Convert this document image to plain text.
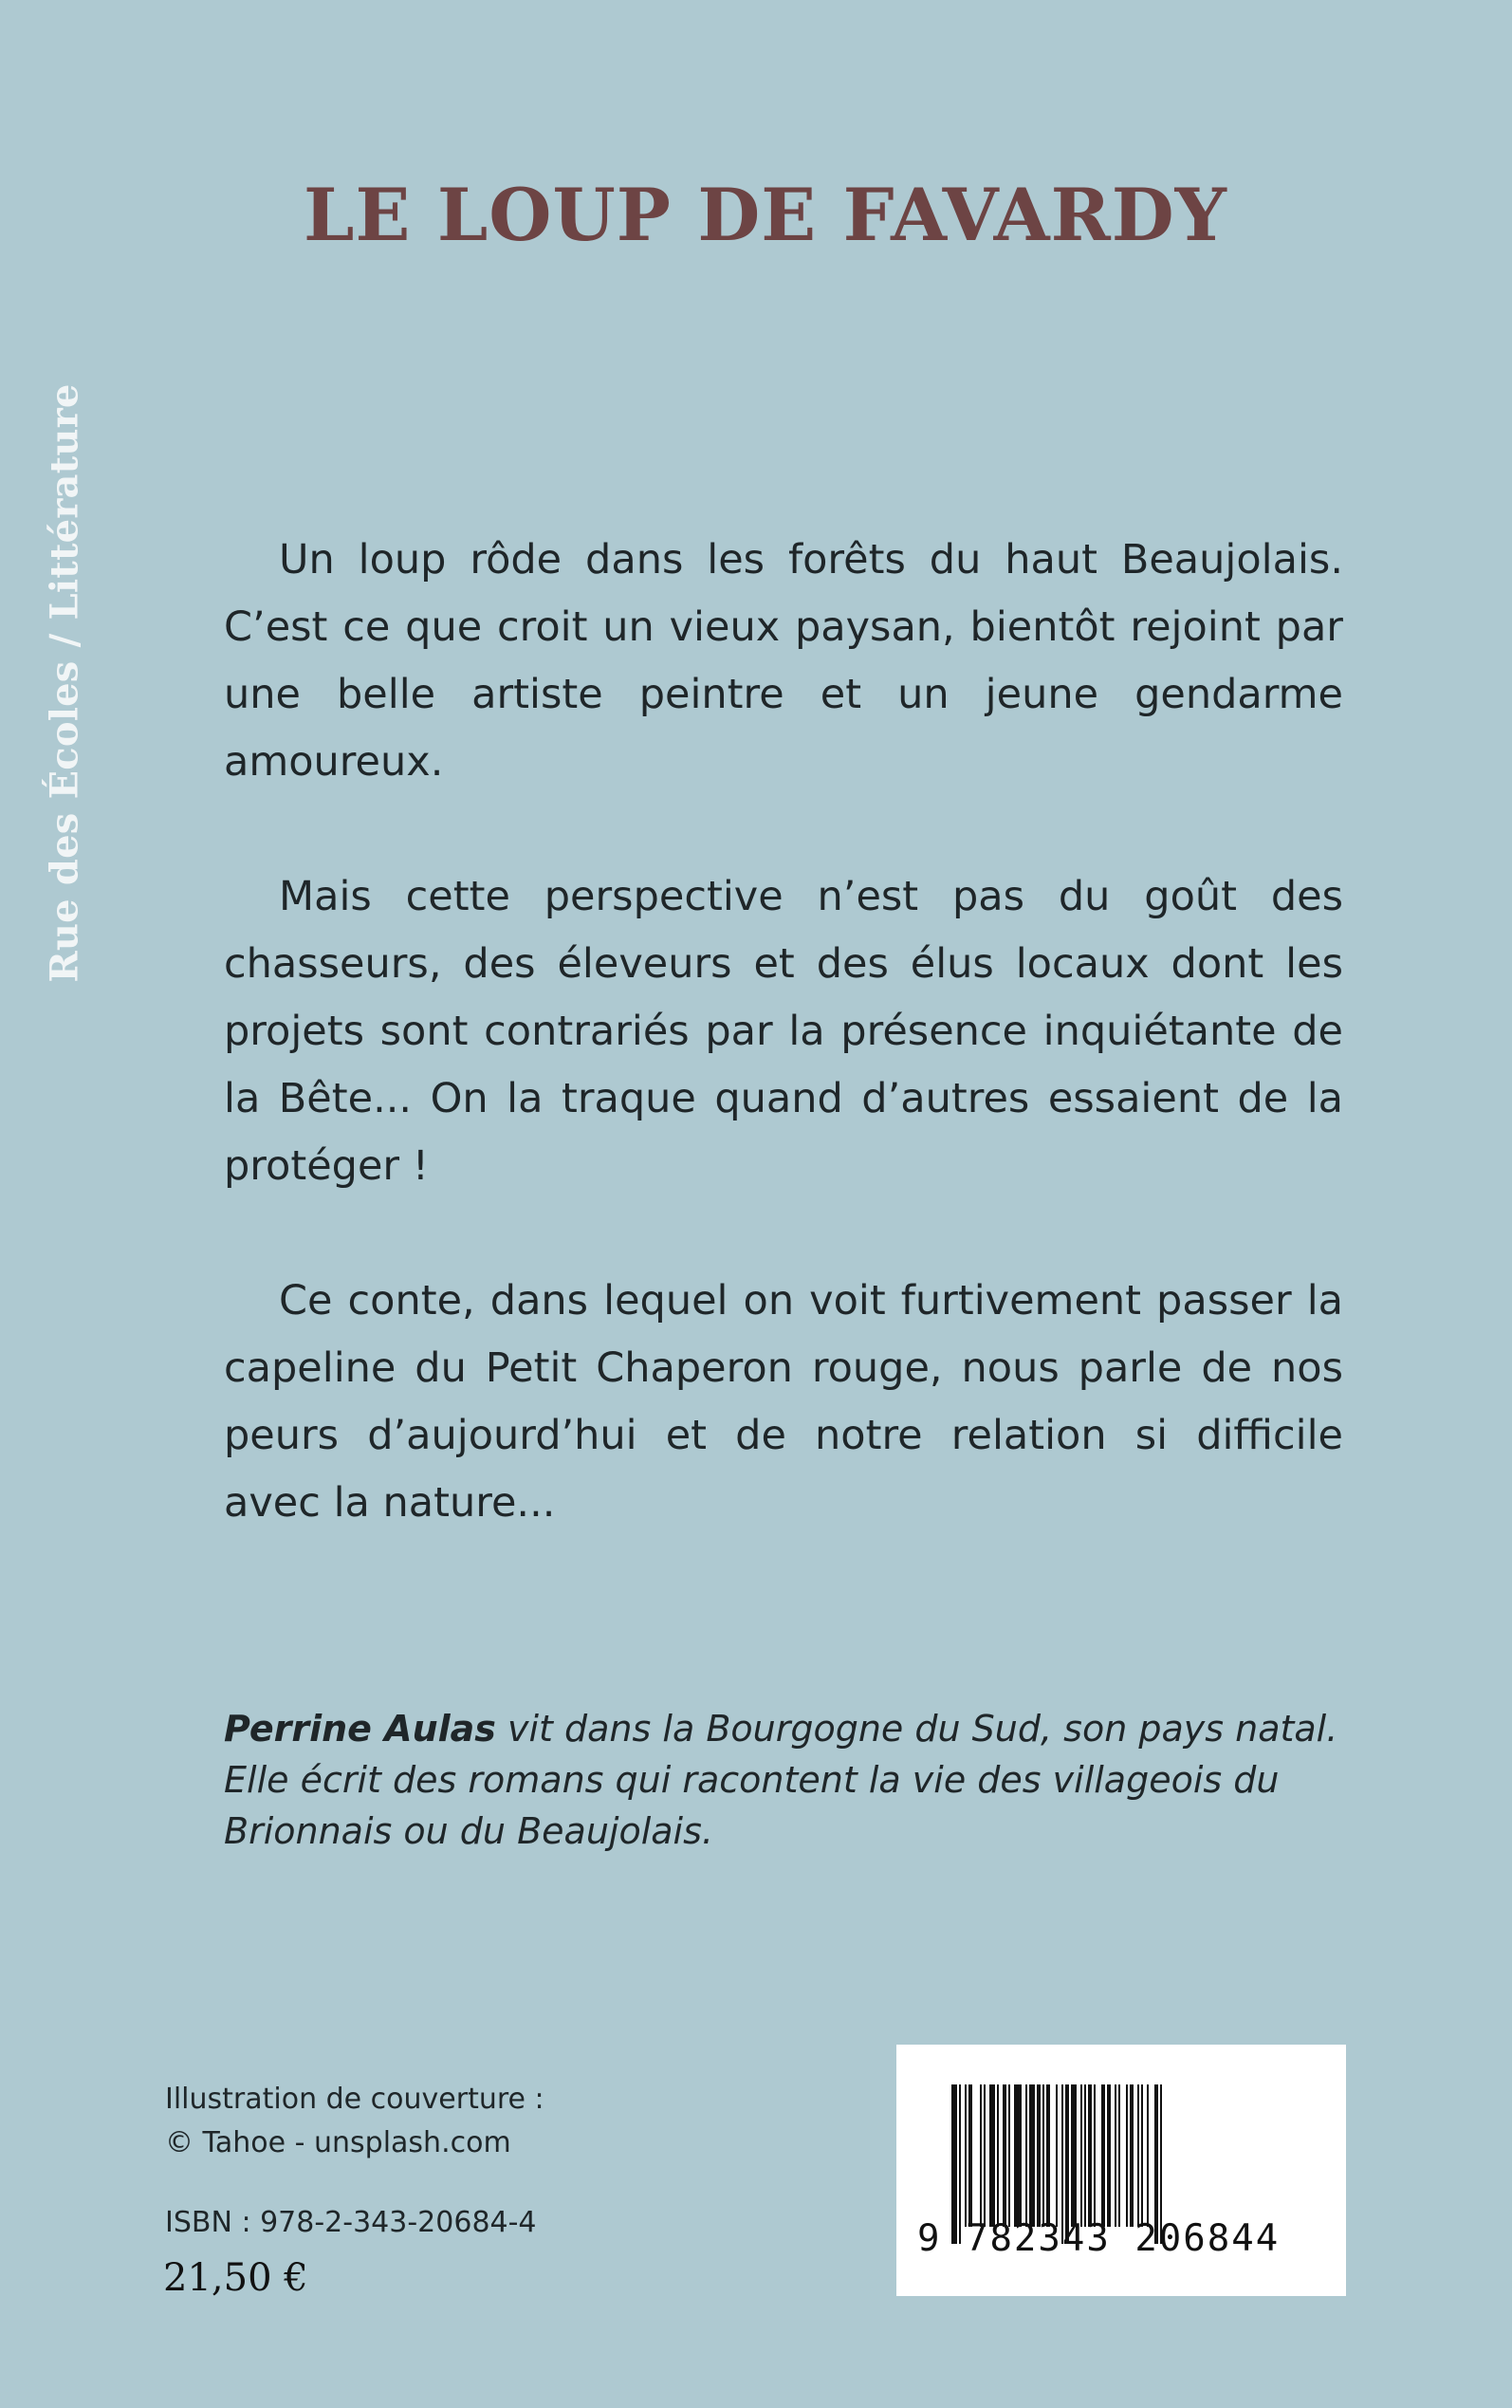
Rue des Écoles / Littérature
LE LOUP DE FAVARDY

Un loup rôde dans les forêts du haut Beaujolais. C’est ce que croit un vieux paysan, bientôt rejoint par une belle artiste peintre et un jeune gendarme amoureux.

Mais cette perspective n’est pas du goût des chasseurs, des éleveurs et des élus locaux dont les projets sont contrariés par la présence inquiétante de la Bête... On la traque quand d’autres essaient de la protéger !

Ce conte, dans lequel on voit furtivement passer la capeline du Petit Chaperon rouge, nous parle de nos peurs d’aujourd’hui et de notre relation si difficile avec la nature...

Perrine Aulas vit dans la Bourgogne du Sud, son pays natal. Elle écrit des romans qui racontent la vie des villageois du Brionnais ou du Beaujolais.

Illustration de couverture :
© Tahoe - unsplash.com
ISBN : 978-2-343-20684-4
21,50 €
9 782343 206844
